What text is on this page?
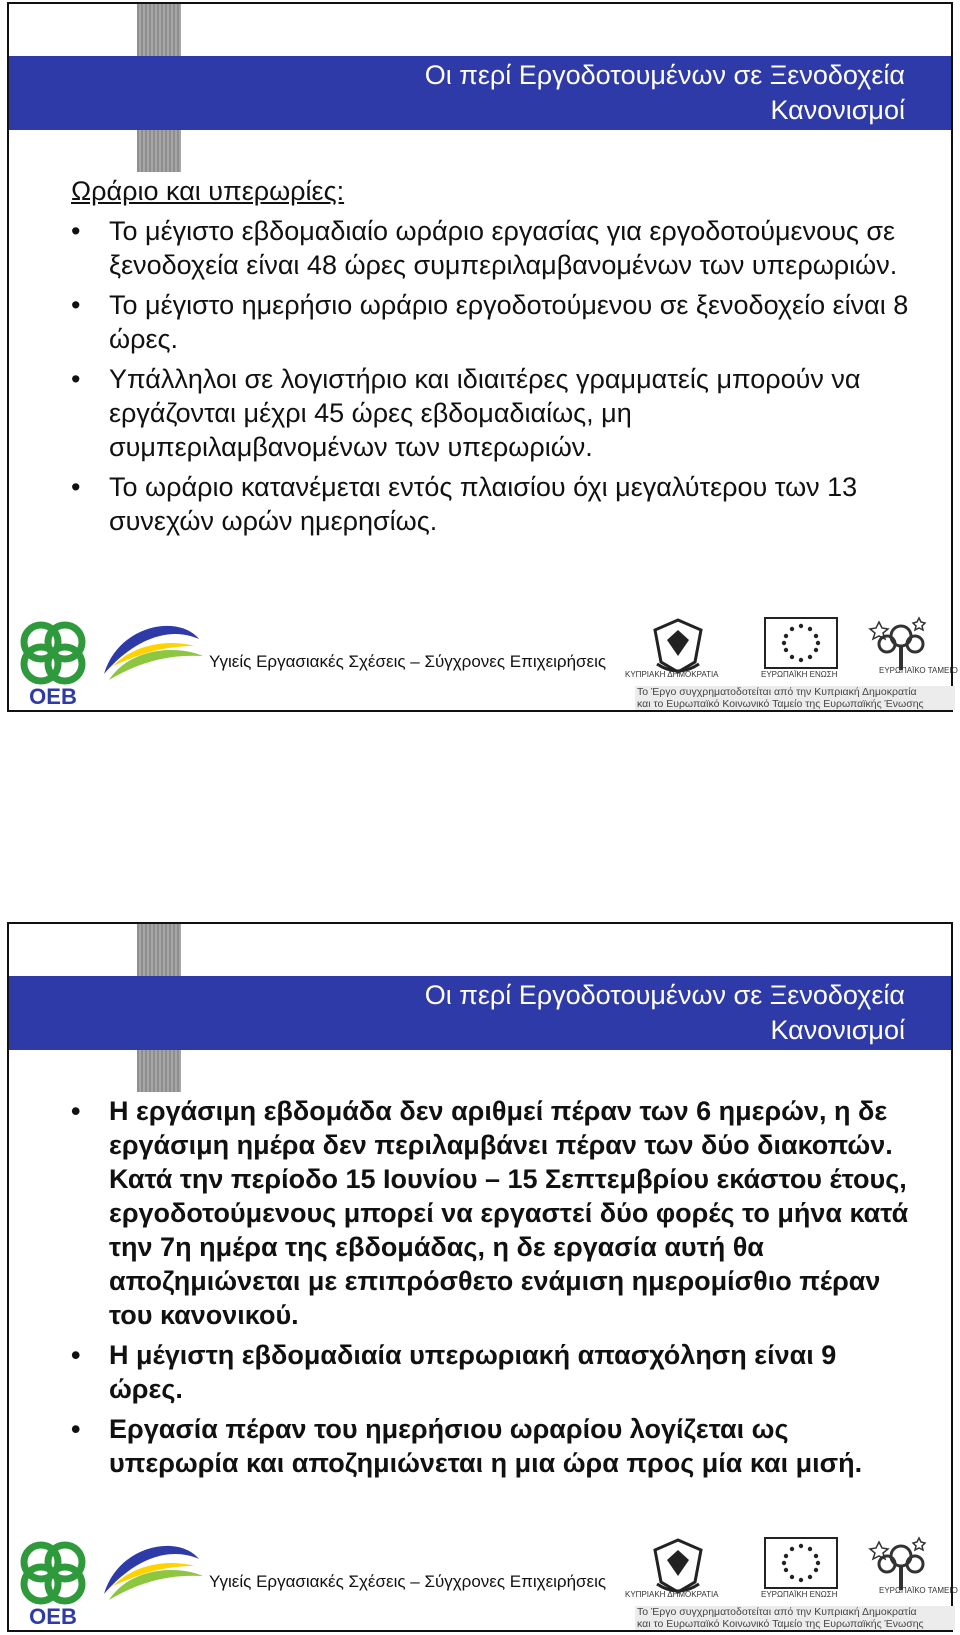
Οι περί Εργοδοτουμένων σε Ξενοδοχεία
Κανονισμοί
Ωράριο και υπερωρίες:
• Το μέγιστο εβδομαδιαίο ωράριο εργασίας για εργοδοτούμενους σε ξενοδοχεία είναι 48 ώρες συμπεριλαμβανομένων των υπερωριών.
• Το μέγιστο ημερήσιο ωράριο εργοδοτούμενου σε ξενοδοχείο είναι 8 ώρες.
• Υπάλληλοι σε λογιστήριο και ιδιαιτέρες γραμματείς μπορούν να εργάζονται μέχρι 45 ώρες εβδομαδιαίως, μη συμπεριλαμβανομένων των υπερωριών.
• Το ωράριο κατανέμεται εντός πλαισίου όχι μεγαλύτερου των 13 συνεχών ωρών ημερησίως.
OEB
Υγιείς Εργασιακές Σχέσεις – Σύγχρονες Επιχειρήσεις
ΚΥΠΡΙΑΚΗ ΔΗΜΟΚΡΑΤΙΑ	ΕΥΡΩΠΑΪΚΗ ΕΝΩΣΗ	ΕΥΡΩΠΑΪΚΟ ΤΑΜΕΙΟ
Το Έργο συγχρηματοδοτείται από την Κυπριακή Δημοκρατία
και το Ευρωπαϊκό Κοινωνικό Ταμείο της Ευρωπαϊκής Ένωσης
Οι περί Εργοδοτουμένων σε Ξενοδοχεία
Κανονισμοί
• Η εργάσιμη εβδομάδα δεν αριθμεί πέραν των 6 ημερών, η δε εργάσιμη ημέρα δεν περιλαμβάνει πέραν των δύο διακοπών. Κατά την περίοδο 15 Ιουνίου – 15 Σεπτεμβρίου εκάστου έτους, εργοδοτούμενους μπορεί να εργαστεί δύο φορές το μήνα κατά την 7η ημέρα της εβδομάδας, η δε εργασία αυτή θα αποζημιώνεται με επιπρόσθετο ενάμιση ημερομίσθιο πέραν του κανονικού.
• Η μέγιστη εβδομαδιαία υπερωριακή απασχόληση είναι 9 ώρες.
• Εργασία πέραν του ημερήσιου ωραρίου λογίζεται ως υπερωρία και αποζημιώνεται η μια ώρα προς μία και μισή.
OEB
Υγιείς Εργασιακές Σχέσεις – Σύγχρονες Επιχειρήσεις
ΚΥΠΡΙΑΚΗ ΔΗΜΟΚΡΑΤΙΑ	ΕΥΡΩΠΑΪΚΗ ΕΝΩΣΗ	ΕΥΡΩΠΑΪΚΟ ΤΑΜΕΙΟ
Το Έργο συγχρηματοδοτείται από την Κυπριακή Δημοκρατία
και το Ευρωπαϊκό Κοινωνικό Ταμείο της Ευρωπαϊκής Ένωσης
